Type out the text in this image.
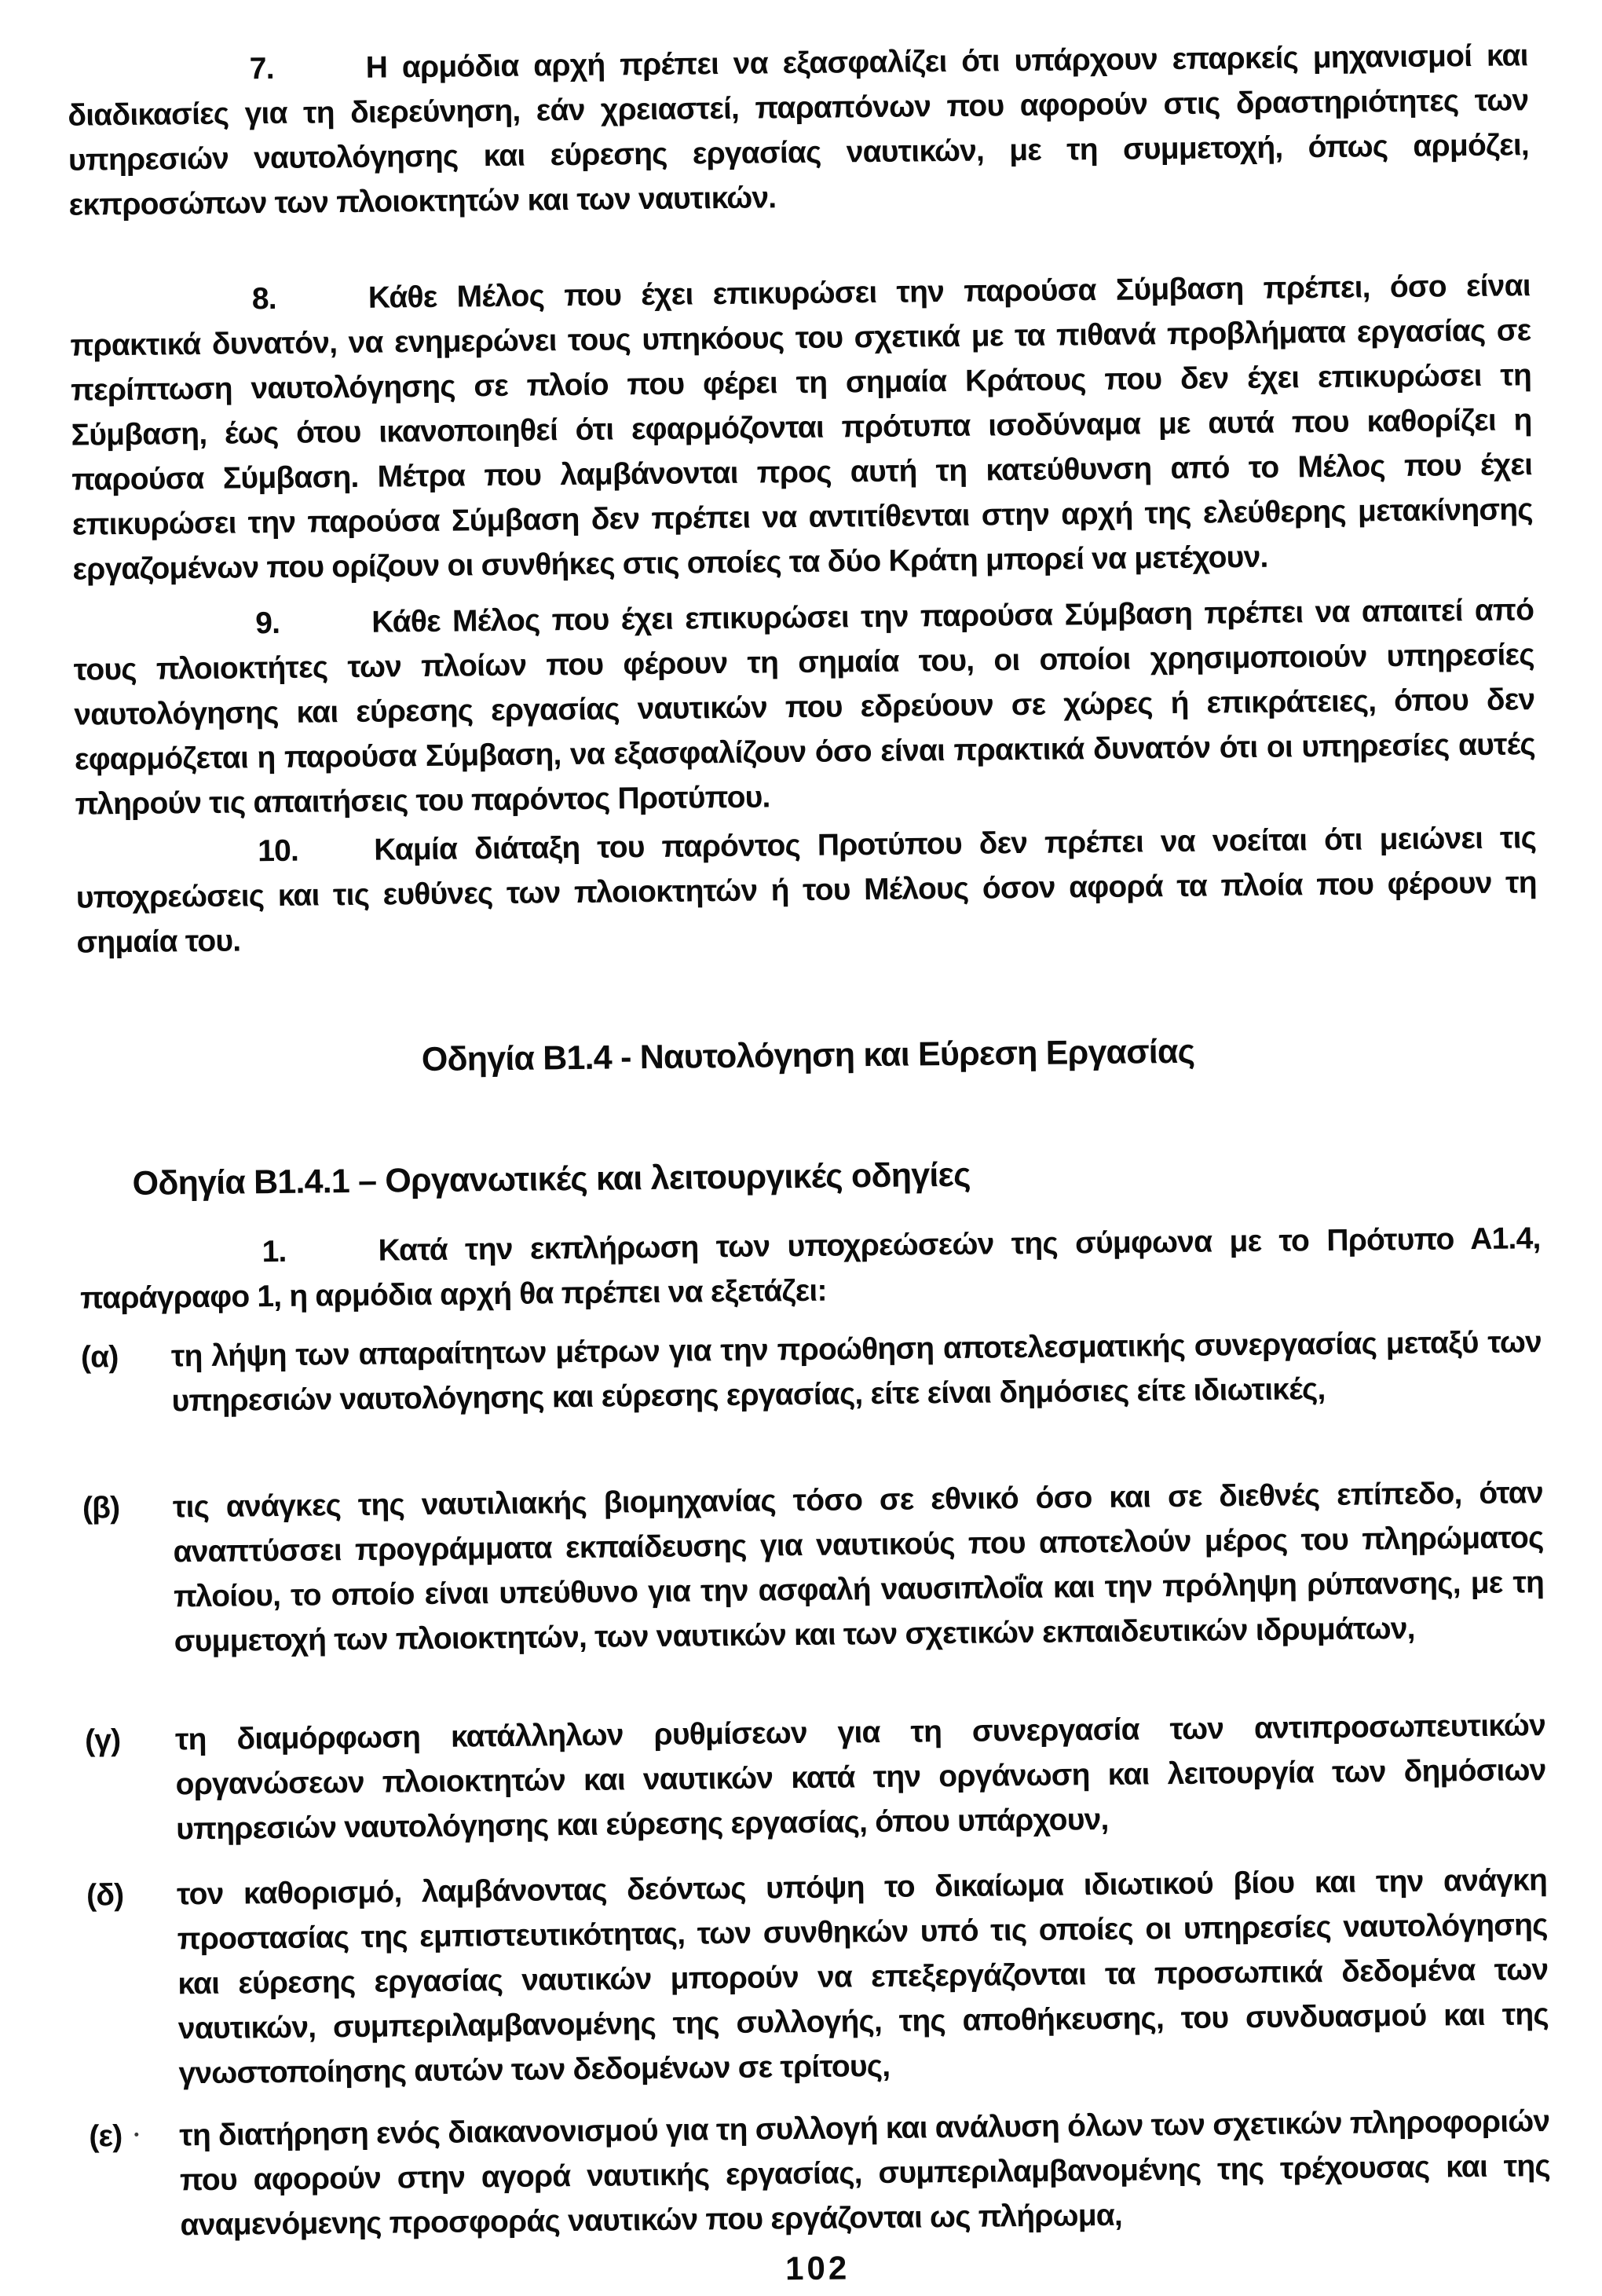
7.	Η αρμόδια αρχή πρέπει να εξασφαλίζει ότι υπάρχουν επαρκείς μηχανισμοί και διαδικασίες για τη διερεύνηση, εάν χρειαστεί, παραπόνων που αφορούν στις δραστηριότητες των υπηρεσιών ναυτολόγησης και εύρεσης εργασίας ναυτικών, με τη συμμετοχή, όπως αρμόζει, εκπροσώπων των πλοιοκτητών και των ναυτικών.
8.	Κάθε Μέλος που έχει επικυρώσει την παρούσα Σύμβαση πρέπει, όσο είναι πρακτικά δυνατόν, να ενημερώνει τους υπηκόους του σχετικά με τα πιθανά προβλήματα εργασίας σε περίπτωση ναυτολόγησης σε πλοίο που φέρει τη σημαία Κράτους που δεν έχει επικυρώσει τη Σύμβαση, έως ότου ικανοποιηθεί ότι εφαρμόζονται πρότυπα ισοδύναμα με αυτά που καθορίζει η παρούσα Σύμβαση. Μέτρα που λαμβάνονται προς αυτή τη κατεύθυνση από το Μέλος που έχει επικυρώσει την παρούσα Σύμβαση δεν πρέπει να αντιτίθενται στην αρχή της ελεύθερης μετακίνησης εργαζομένων που ορίζουν οι συνθήκες στις οποίες τα δύο Κράτη μπορεί να μετέχουν.
9.	Κάθε Μέλος που έχει επικυρώσει την παρούσα Σύμβαση πρέπει να απαιτεί από τους πλοιοκτήτες των πλοίων που φέρουν τη σημαία του, οι οποίοι χρησιμοποιούν υπηρεσίες ναυτολόγησης και εύρεσης εργασίας ναυτικών που εδρεύουν σε χώρες ή επικράτειες, όπου δεν εφαρμόζεται η παρούσα Σύμβαση, να εξασφαλίζουν όσο είναι πρακτικά δυνατόν ότι οι υπηρεσίες αυτές πληρούν τις απαιτήσεις του παρόντος Προτύπου.
10. Καμία διάταξη του παρόντος Προτύπου δεν πρέπει να νοείται ότι μειώνει τις υποχρεώσεις και τις ευθύνες των πλοιοκτητών ή του Μέλους όσον αφορά τα πλοία που φέρουν τη σημαία του.
Οδηγία Β1.4 - Ναυτολόγηση και Εύρεση Εργασίας
Οδηγία Β1.4.1 – Οργανωτικές και λειτουργικές οδηγίες
1.	Κατά την εκπλήρωση των υποχρεώσεών της σύμφωνα με το Πρότυπο Α1.4, παράγραφο 1, η αρμόδια αρχή θα πρέπει να εξετάζει:
(α) τη λήψη των απαραίτητων μέτρων για την προώθηση αποτελεσματικής συνεργασίας μεταξύ των υπηρεσιών ναυτολόγησης και εύρεσης εργασίας, είτε είναι δημόσιες είτε ιδιωτικές,
(β) τις ανάγκες της ναυτιλιακής βιομηχανίας τόσο σε εθνικό όσο και σε διεθνές επίπεδο, όταν αναπτύσσει προγράμματα εκπαίδευσης για ναυτικούς που αποτελούν μέρος του πληρώματος πλοίου, το οποίο είναι υπεύθυνο για την ασφαλή ναυσιπλοΐα και την πρόληψη ρύπανσης, με τη συμμετοχή των πλοιοκτητών, των ναυτικών και των σχετικών εκπαιδευτικών ιδρυμάτων,
(γ) τη διαμόρφωση κατάλληλων ρυθμίσεων για τη συνεργασία των αντιπροσωπευτικών οργανώσεων πλοιοκτητών και ναυτικών κατά την οργάνωση και λειτουργία των δημόσιων υπηρεσιών ναυτολόγησης και εύρεσης εργασίας, όπου υπάρχουν,
(δ) τον καθορισμό, λαμβάνοντας δεόντως υπόψη το δικαίωμα ιδιωτικού βίου και την ανάγκη προστασίας της εμπιστευτικότητας, των συνθηκών υπό τις οποίες οι υπηρεσίες ναυτολόγησης και εύρεσης εργασίας ναυτικών μπορούν να επεξεργάζονται τα προσωπικά δεδομένα των ναυτικών, συμπεριλαμβανομένης της συλλογής, της αποθήκευσης, του συνδυασμού και της γνωστοποίησης αυτών των δεδομένων σε τρίτους,
(ε) τη διατήρηση ενός διακανονισμού για τη συλλογή και ανάλυση όλων των σχετικών πληροφοριών που αφορούν στην αγορά ναυτικής εργασίας, συμπεριλαμβανομένης της τρέχουσας και της αναμενόμενης προσφοράς ναυτικών που εργάζονται ως πλήρωμα,
102
